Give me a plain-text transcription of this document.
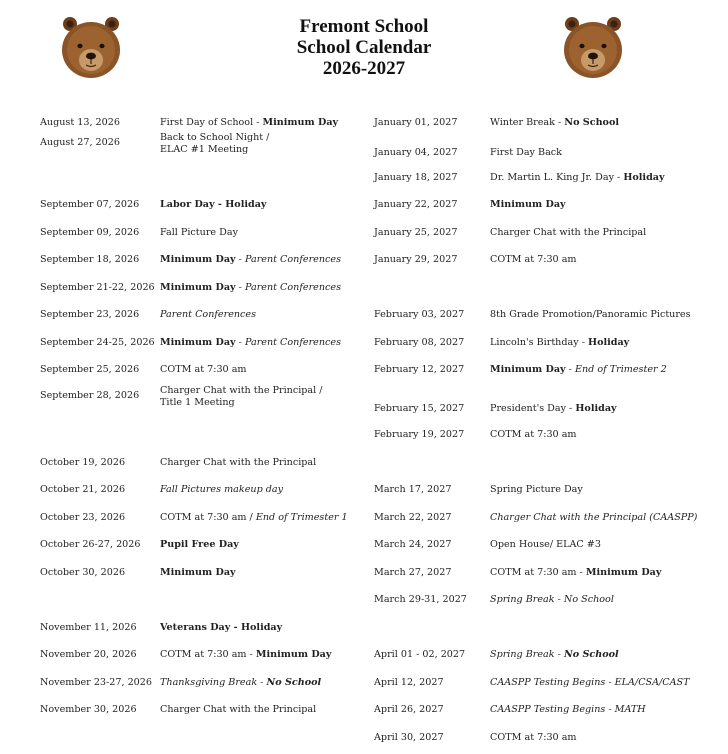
Fremont School
School Calendar
2026-2027
August 13, 2026	First Day of School - Minimum Day
August 27, 2026	Back to School Night /
ELAC #1 Meeting
September 07, 2026 Labor Day - Holiday
September 09, 2026 Fall Picture Day
September 18, 2026 Minimum Day - Parent Conferences
September 21-22, 2026 Minimum Day - Parent Conferences
September 23, 2026 Parent Conferences
September 24-25, 2026 Minimum Day - Parent Conferences
September 25, 2026 COTM at 7:30 am
September 28, 2026 Charger Chat with the Principal /
Title 1 Meeting
October 19, 2026	Charger Chat with the Principal
October 21, 2026	Fall Pictures makeup day
October 23, 2026	COTM at 7:30 am / End of Trimester 1
October 26-27, 2026 Pupil Free Day
October 30, 2026	Minimum Day
November 11, 2026 Veterans Day - Holiday
November 20, 2026 COTM at 7:30 am - Minimum Day
November 23-27, 2026 Thanksgiving Break - No School
November 30, 2026 Charger Chat with the Principal
January 01, 2027	Winter Break - No School
January 04, 2027	First Day Back
January 18, 2027	Dr. Martin L. King Jr. Day - Holiday
January 22, 2027	Minimum Day
January 25, 2027	Charger Chat with the Principal
January 29, 2027	COTM at 7:30 am
February 03, 2027	8th Grade Promotion/Panoramic Pictures
February 08, 2027	Lincoln's Birthday - Holiday
February 12, 2027	Minimum Day - End of Trimester 2
February 15, 2027	President's Day - Holiday
February 19, 2027	COTM at 7:30 am
March 17, 2027	Spring Picture Day
March 22, 2027	Charger Chat with the Principal (CAASPP)
March 24, 2027	Open House/ ELAC #3
March 27, 2027	COTM at 7:30 am - Minimum Day
March 29-31, 2027 Spring Break - No School
April 01 - 02, 2027	Spring Break - No School
April 12, 2027	CAASPP Testing Begins - ELA/CSA/CAST
April 26, 2027	CAASPP Testing Begins - MATH
April 30, 2027	COTM at 7:30 am
